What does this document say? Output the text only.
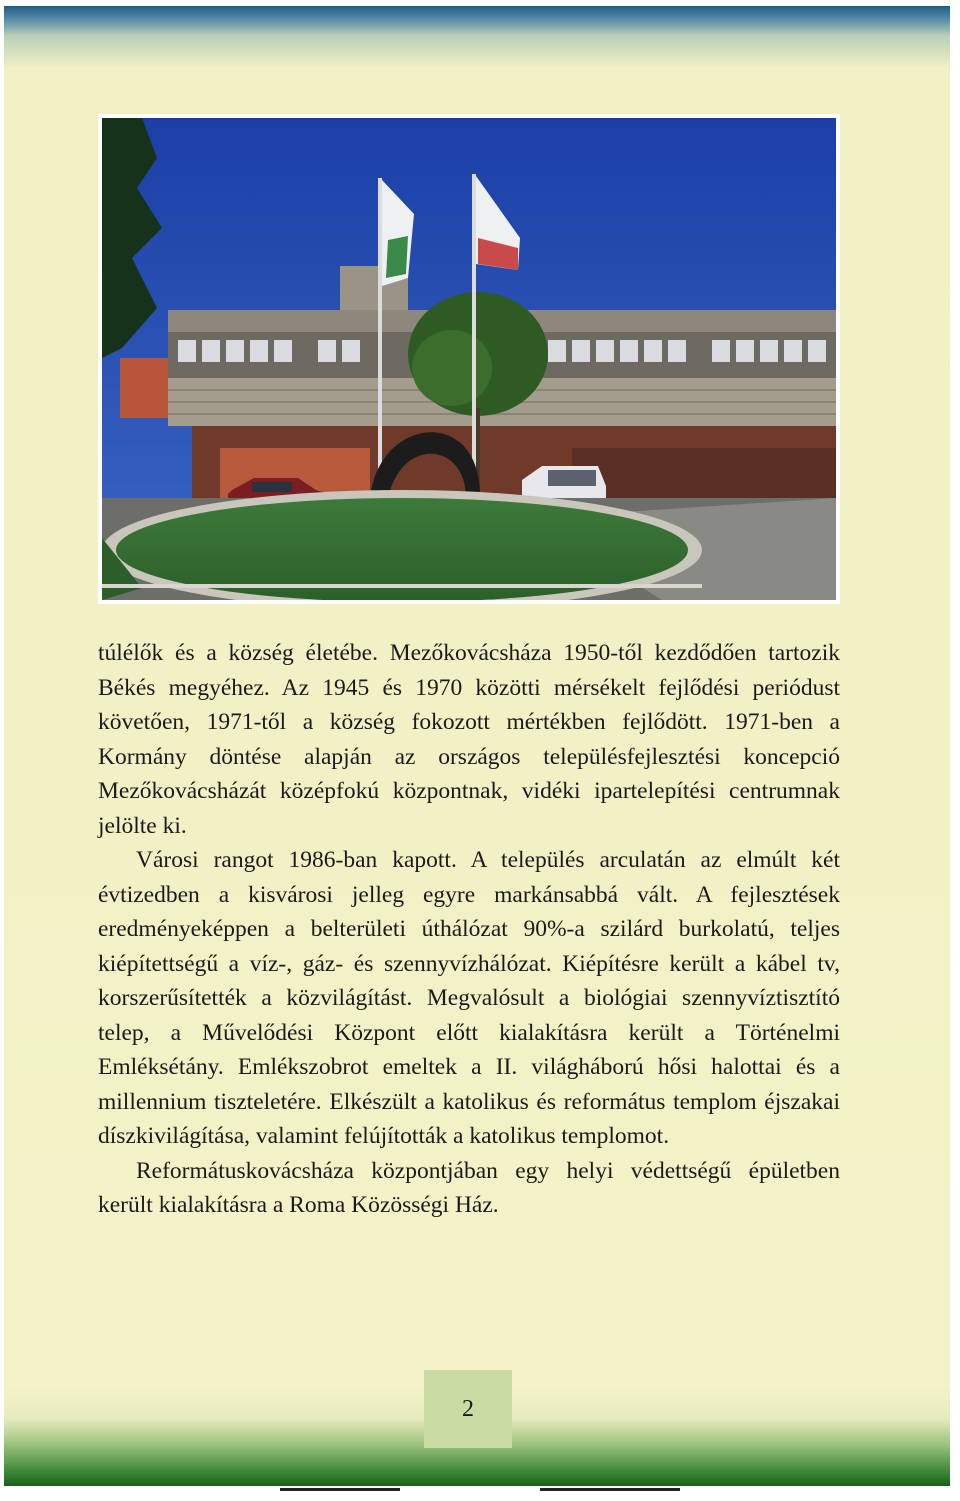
túlélők és a község életébe. Mezőkovácsháza 1950-től kezdődően tartozik Békés megyéhez. Az 1945 és 1970 közötti mérsékelt fejlődési periódust követően, 1971-től a község fokozott mértékben fejlődött. 1971-ben a Kormány döntése alapján az országos településfejlesztési koncepció Mezőkovácsházát középfokú központnak, vidéki ipartelepítési centrumnak jelölte ki.

Városi rangot 1986-ban kapott. A település arculatán az elmúlt két évtizedben a kisvárosi jelleg egyre markánsabbá vált. A fejlesztések eredményeképpen a belterületi úthálózat 90%-a szilárd burkolatú, teljes kiépítettségű a víz-, gáz- és szennyvízhálózat. Kiépítésre került a kábel tv, korszerűsítették a közvilágítást. Megvalósult a biológiai szennyvíztisztító telep, a Művelődési Központ előtt kialakításra került a Történelmi Emléksétány. Emlékszobrot emeltek a II. világháború hősi halottai és a millennium tiszteletére. Elkészült a katolikus és református templom éjszakai díszkivilágítása, valamint felújították a katolikus templomot.

Reformátuskovácsháza központjában egy helyi védettségű épületben került kialakításra a Roma Közösségi Ház.

2
